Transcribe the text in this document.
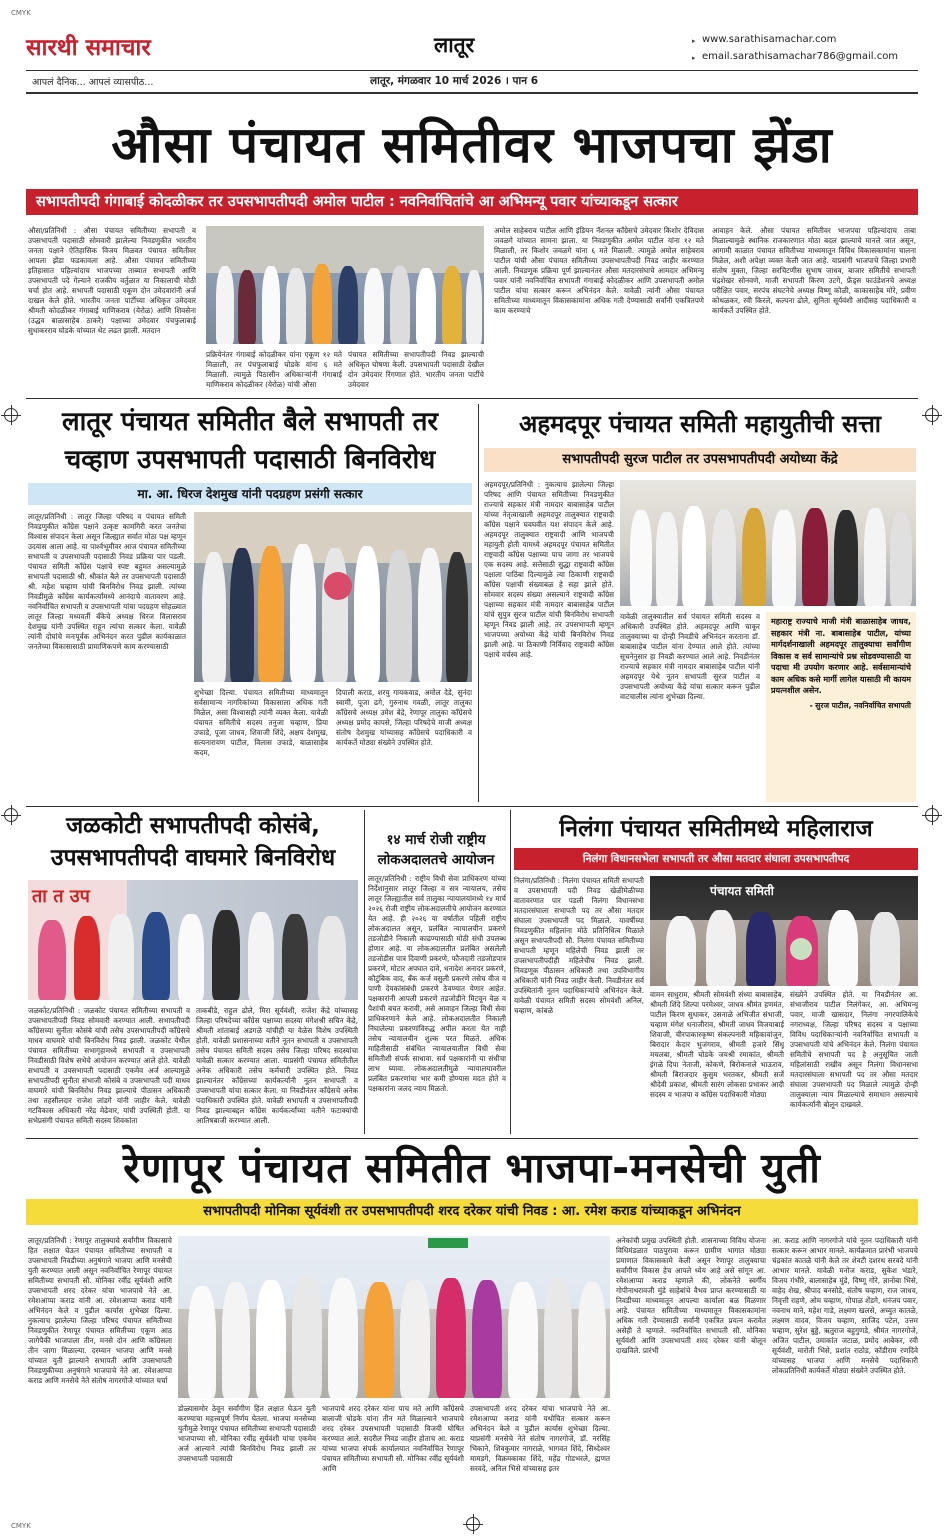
CMYK
CMYK
सारथी समाचार	लातूर	▸ www.sarathisamachar.com
▸ email.sarathisamachar786@gmail.com
आपलं दैनिक... आपलं व्यासपीठ...	लातूर, मंगळवार 10 मार्च 2026 । पान 6
औसा पंचायत समितीवर भाजपचा झेंडा
सभापतीपदी गंगाबाई कोदळीकर तर उपसभापतीपदी अमोल पाटील : नवनिर्वाचितांचे आ अभिमन्यू पवार यांच्याकडून सत्कार
औसा/प्रतिनिधी : औसा पंचायत समितीच्या सभापती व उपसभापती पदासाठी सोमवारी झालेल्या निवडणुकीत भारतीय जनता पक्षाने ऐतिहासिक विजय मिळवत पंचायत समितीवर आपला झेंडा फडकावला आहे. औसा पंचायत समितीच्या इतिहासात पहिल्यांदाच भाजपच्या ताब्यात सभापती आणि उपसभापती पदे गेल्याने राजकीय वर्तुळात या निकालाची मोठी चर्चा होत आहे. सभापती पदासाठी एकूण दोन उमेदवारांनी अर्ज दाखल केले होते. भारतीय जनता पार्टीच्या अधिकृत उमेदवार श्रीमती कोदळीकर गंगाबाई माणिकराव (येरोळ) आणि शिवसेना (उद्धव बाळासाहेब ठाकरे) पक्षाच्या उमेदवार पंचफुलाबाई सुधाकरराव घोडके यांच्यात थेट लढत झाली. मतदान
प्रक्रियेनंतर गंगाबाई कोदळीकर यांना एकूण १२ मते मिळाली, तर पंचफुलाबाई घोडके यांना ६ मते मिळाली. त्यामुळे पिठासीन अधिकाऱ्यांनी गंगाबाई माणिकराव कोदळीकर (येरोळ) यांची औसा
पंचायत समितीच्या सभापतीपदी निवड झाल्याची अधिकृत घोषणा केली. उपसभापती पदासाठी देखील दोन उमेदवार रिंगणात होते. भारतीय जनता पार्टीचे उमेदवार
अमोल साहेबराव पाटील आणि इंडियन नॅशनल काँग्रेसचे उमेदवार किशोर देविदास जवळगे यांच्यात सामना झाला. या निवडणुकीत अमोल पाटील यांना १२ मते मिळाली, तर किशोर जवळगे यांना ६ मते मिळाली. त्यामुळे अमोल साहेबराव पाटील यांची औसा पंचायत समितीच्या उपसभापतीपदी निवड जाहीर करण्यात आली. निवडणूक प्रक्रिया पूर्ण झाल्यानंतर औसा मतदारसंघाचे आमदार अभिमन्यू पवार यांनी नवनिर्वाचित सभापती गंगाबाई कोदळीकर आणि उपसभापती अमोल पाटील यांचा सत्कार करून अभिनंदन केले. यावेळी त्यांनी औसा पंचायत समितीच्या माध्यमातून विकासकामांना अधिक गती देण्यासाठी सर्वांनी एकत्रितपणे काम करण्याचे
आवाहन केले. औसा पंचायत समितीवर भाजपचा पहिल्यांदाच ताबा मिळाल्यामुळे स्थानिक राजकारणात मोठा बदल झाल्याचे मानले जात असून, आगामी काळात पंचायत समितीच्या माध्यमातून विविध विकासकामांना चालना मिळेल, अशी अपेक्षा व्यक्त केली जात आहे. याप्रसंगी भाजपाचे जिल्हा प्रभारी संतोष मुक्ता, जिल्हा सरचिटणीस सुभाष जाधव, बाजार समितीचे सभापती चंद्रशेखर सोनवणे, माजी सभापती किरण उटगे, फ्रेंड्स फाउंडेशनचे अध्यक्ष परीक्षित पवार, सरपंच संघटनेचे अध्यक्ष विष्णू कोळी, काकासाहेब मोरे, प्रवीण कोथळकर, रवी किरले, कल्पना ढोले, सुनिता सूर्यवंशी आदीसह पदाधिकारी व कार्यकर्ते उपस्थित होते.
लातूर पंचायत समितीत बैले सभापती तर
चव्हाण उपसभापती पदासाठी बिनविरोध
मा. आ. धिरज देशमुख यांनी पदग्रहण प्रसंगी सत्कार
लातूर/प्रतिनिधी : लातूर जिल्हा परिषद व पंचायत समिती निवडणुकीत काँग्रेस पक्षाने उत्कृष्ट कामगिरी करत जनतेचा विश्वास संपादन केला असून जिल्ह्यात सर्वात मोठा पक्ष म्हणून उदयास आला आहे. या पार्श्वभूमीवर आज पंचायत समितीच्या सभापती व उपसभापती पदासाठी निवड प्रक्रिया पार पडली. पंचायत समिती काँग्रेस पक्षाचे स्पष्ट बहुमत असल्यामुळे सभापती पदासाठी श्री. श्रीकांत बैले तर उपसभापती पदासाठी श्री. महेश चव्हाण यांची बिनविरोध निवड झाली. त्यांच्या निवडीमुळे काँग्रेस कार्यकर्त्यांमध्ये आनंदाचे वातावरण आहे. नवनिर्वाचित सभापती व उपसभापती यांचा पदग्रहण सोहळ्यात लातूर जिल्हा मध्यवर्ती बँकेचे अध्यक्ष धिरज विलासराव देशमुख यांनी उपस्थित राहून त्यांचा सत्कार केला. यावेळी त्यांनी दोघांचे मनःपूर्वक अभिनंदन करत पुढील कार्यकाळात जनतेच्या विकासासाठी प्रामाणिकपणे काम करण्यासाठी
शुभेच्छा दिल्या. पंचायत समितीच्या माध्यमातून सर्वसामान्य नागरिकांच्या विकासाला अधिक गती मिळेल, असा विश्वासही त्यांनी व्यक्त केला. यावेळी पंचायत समितीचे सदस्य तनुजा चव्हाण, प्रिया उफाडे, पूजा जाधव, शिवाजी शिंदे, अक्षय देशमुख, सत्यनारायण पाटील, विलास उफाडे, बाळासाहेब कदम,
दिपाली कराड, शरयु गायकवाड, अमोल देडे, सुनंदा स्वामी, पूजा ढगे, गुरुनाथ गवळी, लातूर तालुका काँग्रेसचे अध्यक्ष उमेश बेद्रे, रेणापूर तालुका काँग्रेसचे अध्यक्ष प्रमोद कापसे, जिल्हा परिषदेचे माजी अध्यक्ष संतोष देशमुख यांच्यासह काँग्रेसचे पदाधिकारी व कार्यकर्ते मोठ्या संख्येने उपस्थित होते.
अहमदपूर पंचायत समिती महायुतीची सत्ता
सभापतीपदी सुरज पाटील तर उपसभापतीपदी अयोध्या केंद्रे
अहमदपूर/प्रतिनिधी : नुकत्याच झालेल्या जिल्हा परिषद आणि पंचायत समितीच्या निवडणुकीत राज्याचे सहकार मंत्री नामदार बाबासाहेब पाटील यांच्या नेतृत्वाखाली अहमदपूर तालुक्यात राष्ट्रवादी काँग्रेस पक्षाने घवघवीत यश संपादन केले आहे. अहमदपूर तालुक्यात राष्ट्रवादी आणि भाजपची महायुती होती यामध्ये अहमदपूर पंचायत समितीत राष्ट्रवादी काँग्रेस पक्षाच्या पाच जागा तर भाजपचे एक सदस्य आहे. सत्तेसाठी सुद्धा राष्ट्रवादी काँग्रेस पक्षाला पाठिंबा दिल्यामुळे त्या ठिकाणी राष्ट्रवादी काँग्रेस पक्षाची संख्याबळ हे सहा झाले होते. सोमवार सदस्य संख्या असल्याने राष्ट्रवादी काँग्रेस पक्षाच्या सहकार मंत्री नामदार बाबासाहेब पाटील यांचे सुपुत्र सुरज पाटील यांची बिनविरोध सभापती म्हणून निवड झाली आहे. तर उपसभापती म्हणून भाजपच्या अयोध्या केंद्रे यांची बिनविरोध निवड झाली आहे. या ठिकाणी निर्विवाद राष्ट्रवादी काँग्रेस पक्षाचे वर्चस्व आहे.
यावेळी तालुक्यातील सर्व पंचायत समिती सदस्य व अधिकारी उपस्थित होते. अहमदपूर आणि चाकूर तालुक्याच्या या दोन्ही निवडीचे अभिनंदन करताना डॉ. बाबासाहेब पाटील यांना देण्यात आले होते. त्यांच्या सूचनेनुसार हा निवडी करण्यात आले आहे. निवडीनंतर राज्याचे सहकार मंत्री नामदार बाबासाहेब पाटील यांनी अहमदपूर येथे नूतन सभापती सुरज पाटील व उपसभापती अयोध्या केंद्रे यांचा सत्कार करून पुढील वाटचालीस त्यांना शुभेच्छा दिल्या.
महाराष्ट्र राज्याचे माजी मंत्री बाळासाहेब जाधव, सहकार मंत्री ना. बाबासाहेब पाटील, यांच्या मार्गदर्शनाखाली अहमदपूर तालुक्याचा सर्वांगीण विकास व सर्व सामान्यांचे प्रश्न सोडवण्यासाठी या पदाचा मी उपयोग करणार आहे. सर्वसामान्यांचे काम अधिक कसे मार्गी लागेल यासाठी मी कायम प्रयत्नशील असेन.
- सुरज पाटील, नवनिर्वाचित सभापती
जळकोटी सभापतीपदी कोसंबे,
उपसभापतीपदी वाघमारे बिनविरोध
ता त उप
जळकोट/प्रतिनिधी : जळकोट पंचायत समितीच्या सभापती व उपसभापतीपदी निवड सोमवारी करण्यात आली. सभापतीपदी काँग्रेसच्या सुनीता कोसंबे यांची तसेच उपसभापतीपदी काँग्रेसचे माधव वाघमारे यांची बिनविरोध निवड झाली. जळकोट येथील पंचायत समितीच्या सभागृहामध्ये सभापती व उपसभापती निवडीसाठी विशेष सभेचे आयोजन करण्यात आले होते. यावेळी सभापती व उपसभापती पदासाठी एकमेव अर्ज आल्यामुळे सभापतीपदी सुनीता संभाजी कोसंबे व उपसभापती पदी माधव वाघमारे यांची बिनविरोध निवड झाल्याचे पीठासन अधिकारी तथा तहसीलदार राजेश लांडगे यांनी जाहीर केले. यावेळी गटविकास अधिकारी नरेंद्र मेढेवार, यांची उपस्थिती होती. या सभेप्रसंगी पंचायत समिती सदस्य शिवकांता
ताकबीडे, राहुल ढोले, मिरा सूर्यवंशी, राजेश केंद्रे यांच्यासह जिल्हा परिषदेच्या काँग्रेस पक्षाच्या सदस्या मंगेशश्री सचिन केंद्रे, श्रीमती शांताबाई अडगळे यांचीही या वेळेस विशेष उपस्थिती होती. यावेळी प्रशासनाच्या वतीने नूतन सभापती व उपसभापती तसेच पंचायत समिती सदस्य तसेच जिल्हा परिषद सदस्यांचा यावेळी सत्कार करण्यात आला. याप्रसंगी पंचायत समितीतील अनेक अधिकारी तसेच कर्मचारी उपस्थित होते. निवड झाल्यानंतर काँग्रेसच्या कार्यकर्त्यांनी नूतन सभापती व उपसभापती यांचा सत्कार केला. या निवडीनंतर काँग्रेसचे अनेक पदाधिकारी उपस्थित होते. यावेळी सभापती व उपसभापतीपदी निवड झाल्याबद्दल काँग्रेस कार्यकर्त्यांच्या वतीने फटाक्यांची आतिषबाजी करण्यात आली.
१४ मार्च रोजी राष्ट्रीय
लोकअदालतचे आयोजन
लातूर/प्रतिनिधी : राष्ट्रीय विधी सेवा प्राधिकरण यांच्या निर्देशानुसार लातूर जिल्हा व सत्र न्यायालय, तसेच लातूर जिल्ह्यातील सर्व तालुका न्यायालयांमध्ये १४ मार्च २०२६ रोजी राष्ट्रीय लोकअदालतीचे आयोजन करण्यात येत आहे. ही २०२६ या वर्षातील पहिली राष्ट्रीय लोकअदालत असून, प्रलंबित न्यायालयीन प्रकरणे तडजोडीने निकाली काढण्यासाठी मोठी संधी उपलब्ध होणार आहे. या लोकअदालतीत प्रलंबित असलेली तडजोडीस पात्र दिवाणी प्रकरणे, फौजदारी तडजोडपात्र प्रकरणे, मोटार अपघात दावे, धनादेश अनादर प्रकरणे, कौटुंबिक वाद, बँक कर्ज वसुली प्रकरणे तसेच वीज व पाणी देयकांसंबंधी प्रकरणे ठेवण्यात येणार आहेत. पक्षकारांनी आपली प्रकरणे तडजोडीने मिटवून वेळ व पैशांची बचत करावी, असे आवाहन जिल्हा विधी सेवा प्राधिकरणाने केले आहे. लोकअदालतीत निकाली निघालेल्या प्रकरणांविरुद्ध अपील करता येत नाही तसेच न्यायालयीन शुल्क परत मिळते. अधिक माहितीसाठी संबंधित न्यायालयातील विधी सेवा समितीशी संपर्क साधावा. सर्व पक्षकारांनी या संधीचा लाभ घ्यावा. लोकअदालतीमुळे न्यायालयावरील प्रलंबित प्रकरणांचा भार कमी होण्यास मदत होते व पक्षकारांना जलद न्याय मिळतो.
निलंगा पंचायत समितीमध्ये महिलाराज
निलंगा विधानसभेला सभापती तर औसा मतदार संघाला उपसभापतीपद
निलंगा/प्रतिनिधी : निलंगा पंचायत समिती सभापती व उपसभापती पदी निवड खेळीमेळीच्या वातावरणात पार पडली निलंगा विधानसभा मतदारसंघाला सभापती पद तर औसा मतदार संघाला उपसभापती पद मिळाले. यावर्षीच्या निवडणुकीत महिलांना मोठे प्रतिनिधित्व मिळाले असून सभापतीपदी सौ. निलंगा पंचायत समितीच्या सभापती म्हणून महिलेची निवड झाली तर उपसभापतीपदीही महिलेचीच निवड झाली. निवडणूक पीठासन अधिकारी तथा उपविभागीय अधिकारी यांनी निवड जाहीर केली. निवडीनंतर सर्व उपस्थितांनी नूतन पदाधिकाऱ्यांचे अभिनंदन केले. यावेळी पंचायत समिती सदस्य सोमवंशी अनिल, चव्हाण, कांबळे
पंचायत समिती
वामन साधुराम, श्रीमती सोमवंशी संध्या बाबासाहेब, श्रीमती शिंदे शिल्पा परमेश्वर, जाधव श्रीमंत हणमंत, पाटील किरण सुधाकर, उसनाळे अभिजीत संभाजी, चव्हाण मंगेश धनाजीराव, श्रीमती जाधव विजयाबाई शिवाजी, चीरपाकारकृष्ण संकल्पनारी महिकावांजुन, बिरादार केदार भुजंगराव, श्रीमती हजारे सिंधू मचलबा, श्रीमती घोडके जयश्री रमाकांत, श्रीमती इंगळे दिपा नेताजी, कोकणे, बिरोकनाले भाऊराव, श्रीमती बिराजदार कुसुम भरतकर, श्रीमती सर्जे श्रीदेवी प्रकाश, श्रीमती सारंग लोकसा प्रभाकर आदी सदस्य व भाजपा व काँग्रेस पदाधिकारी मोठ्या
संख्येने उपस्थित होते. या निवडीनंतर आ. संभाजीराव पाटील निलंगेकर, आ. अभिमन्यू पवार, माजी खासदार, निलंगा नगरपालिकेचे नगराध्यक्ष, जिल्हा परिषद सदस्य व पक्षाच्या विविध पदाधिकाऱ्यांनी नवनिर्वाचित सभापती व उपसभापती यांचे अभिनंदन केले. निलंगा पंचायत समितीचे सभापती पद हे अनुसूचित जाती महिलांसाठी राखीव असून निलंगा विधानसभा मतदारसंघाला सभापती पद तर औसा मतदार संघाला उपसभापती पद मिळाले त्यामुळे दोन्ही तालुक्याला न्याय मिळाल्याचे समाधान असल्याचे कार्यकर्त्यांनी बोलून दाखवले.
रेणापूर पंचायत समितीत भाजपा-मनसेची युती
सभापतीपदी मोनिका सूर्यवंशी तर उपसभापतीपदी शरद दरेकर यांची निवड : आ. रमेश कराड यांच्याकडून अभिनंदन
लातूर/प्रतिनिधी : रेणापूर तालुक्याचे सर्वांगीण विकासाचे हित लक्षात घेऊन पंचायत समितीच्या सभापती व उपसभापती निवडीच्या अनुषंगाने भाजपा आणि मनसेची युती करण्यात आली असून नवनिर्वाचित रेणापूर पंचायत समितीच्या सभापती सौ. मोनिका रवींद्र सूर्यवंशी आणि उपसभापती शरद दरेकर यांचा भाजपाचे नेते आ. रमेशआप्पा कराड यांनी आ. रमेशआप्पा कराड यांनी अभिनंदन केले व पुढील कार्यास शुभेच्छा दिल्या. नुकत्याच झालेल्या जिल्हा परिषद पंचायत समितीच्या निवडणुकीत रेणापूर पंचायत समितीच्या एकूण आठ जागेपैकी भाजपाला तीन, मनसे दोन आणि काँग्रेसला तीन जागा मिळाल्या. दरम्यान भाजपा आणि मनसे यांच्यात युती झाल्याने सभापती आणि उपसभापती निवडणुकीच्या अनुषंगाने भाजपाचे नेते आ. रमेशआप्पा कराड आणि मनसेचे नेते संतोष नागरगोजे यांच्यात चर्चा
डोळ्यासमोर ठेवून सर्वांगीण हित लक्षात घेऊन युती करण्याचा महत्त्वपूर्ण निर्णय घेतला. भाजपा मनसेच्या युतीमुळे रेणापूर पंचायत समितीच्या सभापती पदासाठी भाजपाच्या सौ. मोनिका रवींद्र सूर्यवंशी यांचा एकमेव अर्ज आल्याने त्यांची बिनविरोध निवड झाली तर उपसभापती पदासाठी
भाजपाचे शरद दरेकर यांना पाच मते आणि काँग्रेसचे बालाजी घोडके यांना तीन मते मिळाल्याने भाजपाचे शरद दरेकर उपसभापती पदासाठी विजयी घोषित करण्यात आले. सदरील निवड जाहीर होताच आ. कराड यांच्या भाजपा संपर्क कार्यालयात नवनिर्वाचित रेणापूर पंचायत समितीच्या सभापती सौ. मोनिका रवींद्र सूर्यवंशी आणि
उपसभापती शरद दरेकर यांचा भाजपाचे नेते आ. रमेशआप्पा कराड यांनी यथोचित सत्कार करून अभिनंदन केले व पुढील कार्यास शुभेच्छा दिल्या. याप्रसंगी मनसेचे नेते संतोष नागरगोजे, डॉ. नरसिंह भिकाने, शिवकुमार नागराळे, भागवत शिंदे, सिध्देश्वर मामडगे, विक्रमकाका शिंदे, महेंद्र गोडभरले, ह्मणत सरवदे, अनिल भिसे यांच्यासह इतर
अनेकांची प्रमुख उपस्थिती होती. शासनाच्या विविध योजना विधिमंडळात पाठपुरावा करून ग्रामीण भागात मोठ्या प्रमाणात विकासकामे केली असून रेणापूर तालुक्याचा सर्वांगीण विकास हेच आपले ध्येय आहे असे सांगून आ. रमेशआप्पा कराड म्हणाले की, लोकनेते स्वर्गीय गोपीनाथरावजी मुंडे साहेबांचे वैभव प्राप्त करण्यासाठी या निवडीच्या माध्यमातून आपल्या कार्याला बळ मिळणार आहे. पंचायत समितीच्या माध्यमातून विकासकामांना अधिक गती देण्यासाठी सर्वांनी एकत्रित प्रयत्न करावेत असेही ते म्हणाले. नवनिर्वाचित सभापती सौ. मोनिका सूर्यवंशी आणि उपसभापती शरद दरेकर यांनी बोलून दाखविले. प्रारंभी
आ. कराड आणि नागरगोजे यांचे नूतन पदाधिकारी यांनी सत्कार करून आभार मानले. कार्यक्रमात प्रारंभी भाजपचे चंद्रकांत कातळे यांनी केले तर शेवटी दशरथ सरवदे यांनी आभार मानले. यावेळी मनोज कराड, सुकेश भंडारे, विजय गंभीरे, बालासाहेब मुंडे, विष्णू गोरे, ज्ञानोबा भिसे, वाहेद शेख, श्रीपाद बनसोडे, संतोष चव्हाण, राज जाधव, निवृत्ती राहणे, ओम चव्हाण, गोपाळ शेंडगे, धनंजय पवार, नवनाथ माने, महेश गाडे, लक्ष्मण खलसे, अच्युत कातळे, लक्ष्मण यादव, विजय चव्हाण, साजिद पटेल, उत्तम चव्हाण, सुरेश बुड्डे, ऋतुराज बहुगुणडे, श्रीमंत नागरगोजे, अजित पाटील, उमाकांत जटाळ, प्रमोद आबेकर, रवी सूर्यवंशी, मारोती भिसे, प्रशांत राठोड, कोंडीराम रणदिवे यांच्यासह भाजपा आणि मनसेचे पदाधिकारी लोकप्रतिनिधी कार्यकर्ते मोठ्या संख्येने उपस्थित होते.
